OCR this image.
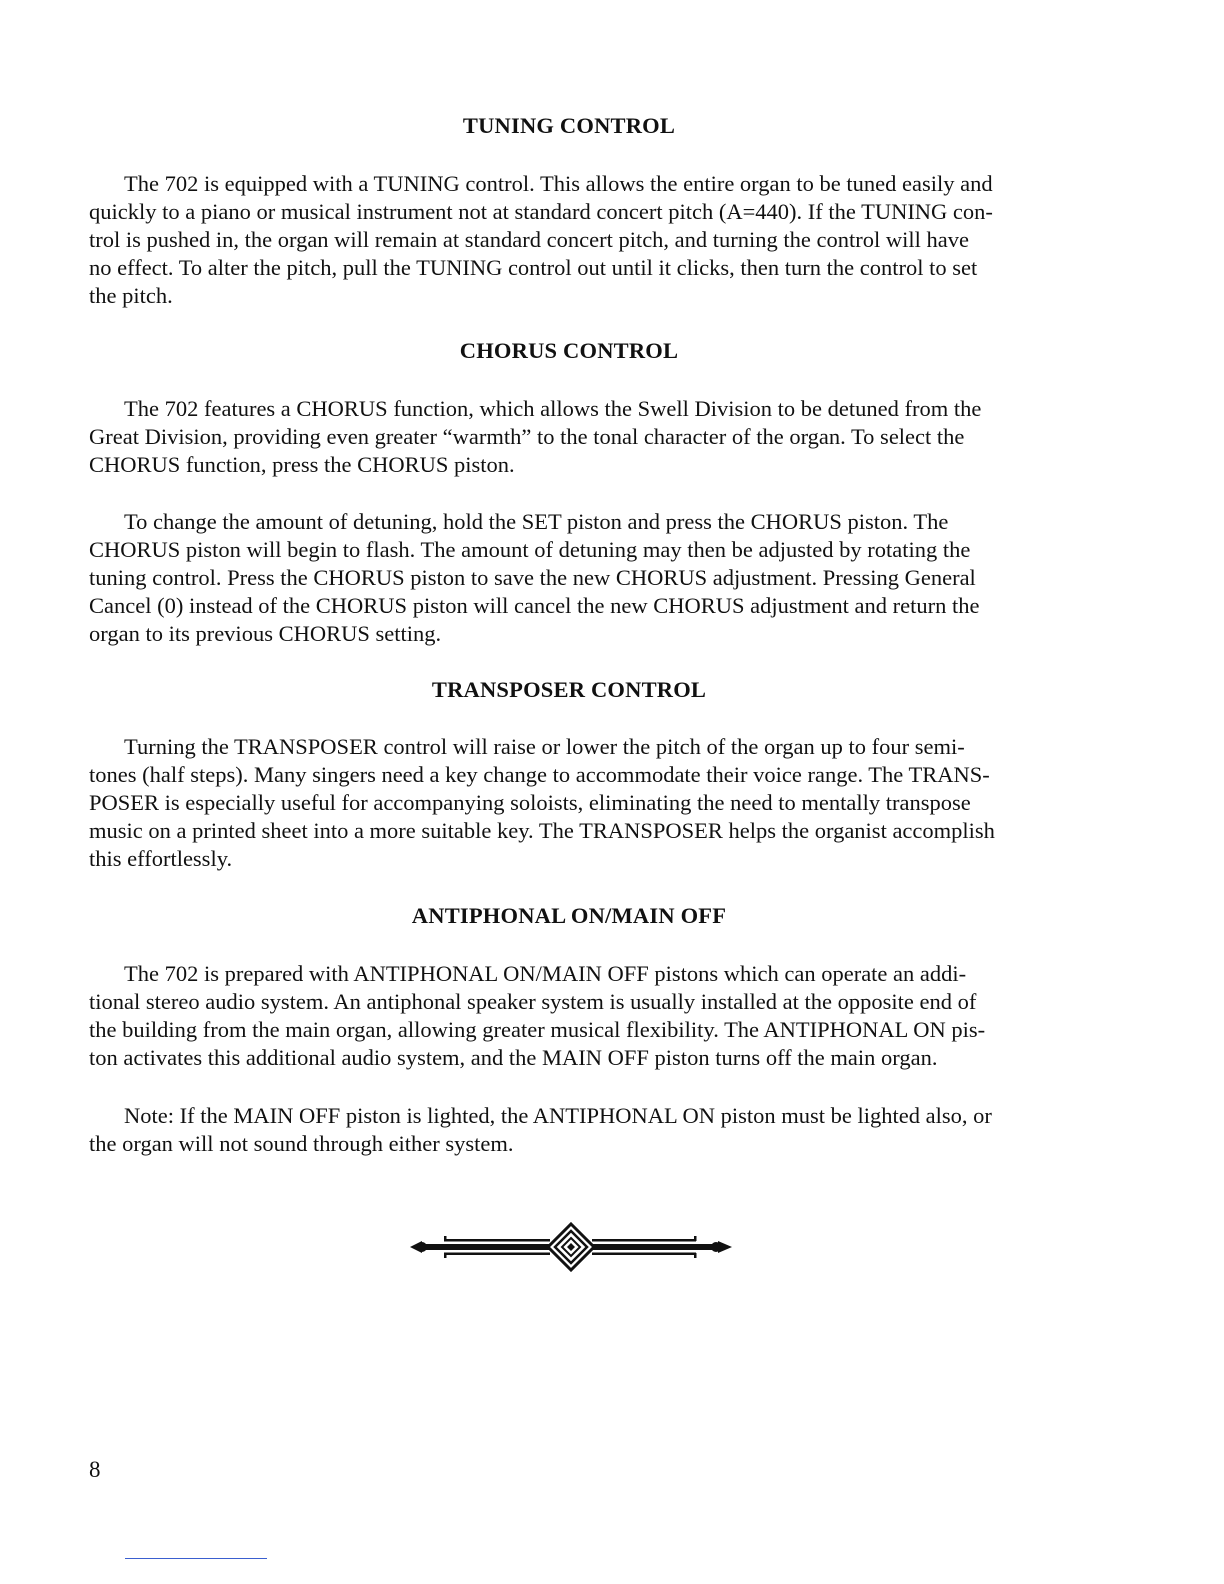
TUNING CONTROL

The 702 is equipped with a TUNING control. This allows the entire organ to be tuned easily and
quickly to a piano or musical instrument not at standard concert pitch (A=440). If the TUNING con-
trol is pushed in, the organ will remain at standard concert pitch, and turning the control will have
no effect. To alter the pitch, pull the TUNING control out until it clicks, then turn the control to set
the pitch.

CHORUS CONTROL

The 702 features a CHORUS function, which allows the Swell Division to be detuned from the
Great Division, providing even greater “warmth” to the tonal character of the organ. To select the
CHORUS function, press the CHORUS piston.

To change the amount of detuning, hold the SET piston and press the CHORUS piston. The
CHORUS piston will begin to flash. The amount of detuning may then be adjusted by rotating the
tuning control. Press the CHORUS piston to save the new CHORUS adjustment. Pressing General
Cancel (0) instead of the CHORUS piston will cancel the new CHORUS adjustment and return the
organ to its previous CHORUS setting.

TRANSPOSER CONTROL

Turning the TRANSPOSER control will raise or lower the pitch of the organ up to four semi-
tones (half steps). Many singers need a key change to accommodate their voice range. The TRANS-
POSER is especially useful for accompanying soloists, eliminating the need to mentally transpose
music on a printed sheet into a more suitable key. The TRANSPOSER helps the organist accomplish
this effortlessly.

ANTIPHONAL ON/MAIN OFF

The 702 is prepared with ANTIPHONAL ON/MAIN OFF pistons which can operate an addi-
tional stereo audio system. An antiphonal speaker system is usually installed at the opposite end of
the building from the main organ, allowing greater musical flexibility. The ANTIPHONAL ON pis-
ton activates this additional audio system, and the MAIN OFF piston turns off the main organ.

Note: If the MAIN OFF piston is lighted, the ANTIPHONAL ON piston must be lighted also, or
the organ will not sound through either system.

8
